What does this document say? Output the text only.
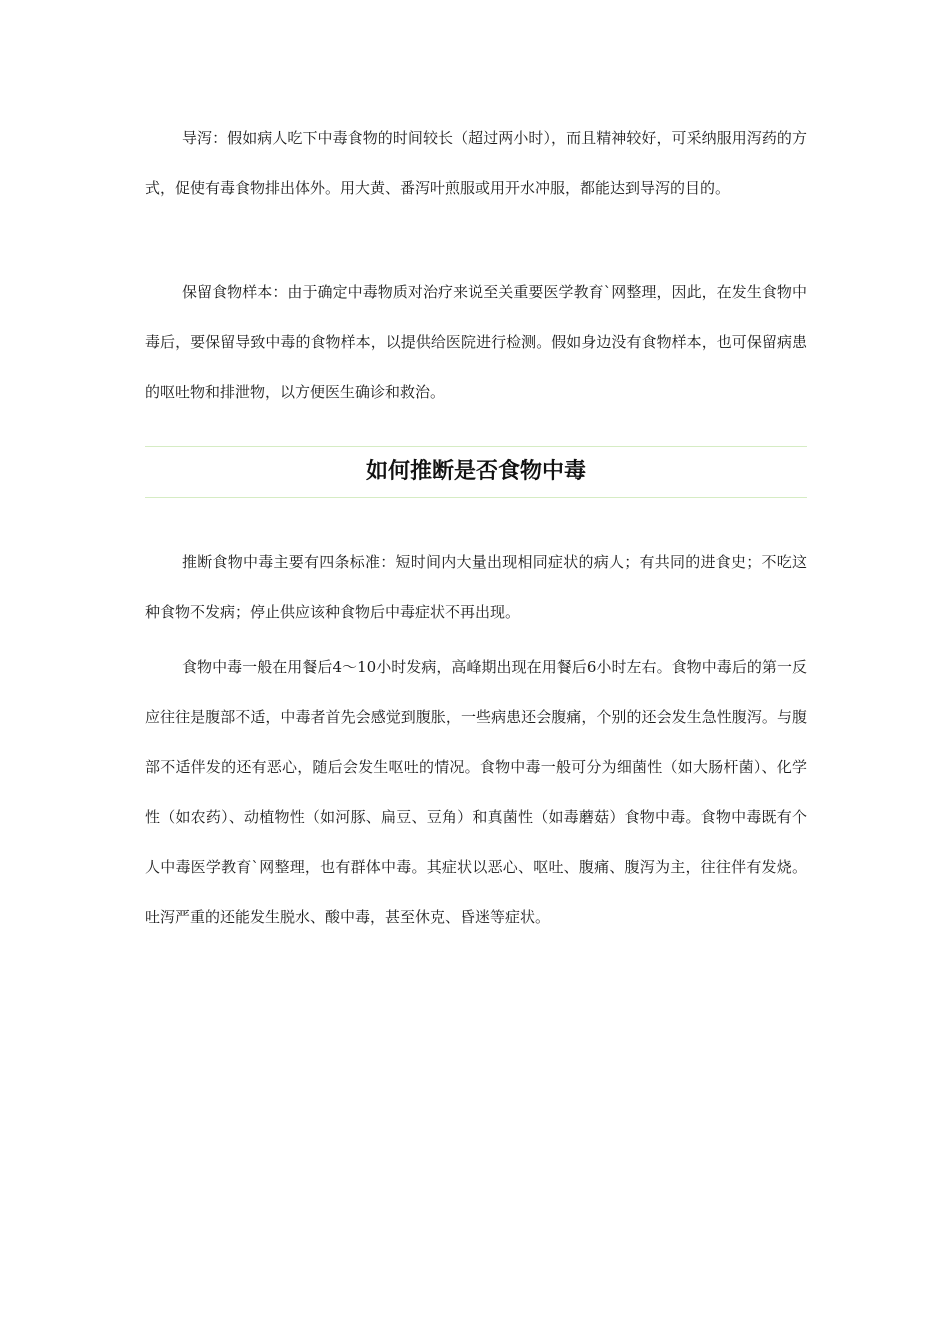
导泻：假如病人吃下中毒食物的时间较长（超过两小时），而且精神较好，可采纳服用泻药的方式，促使有毒食物排出体外。用大黄、番泻叶煎服或用开水冲服，都能达到导泻的目的。

保留食物样本：由于确定中毒物质对治疗来说至关重要医学教育`网整理，因此，在发生食物中毒后，要保留导致中毒的食物样本，以提供给医院进行检测。假如身边没有食物样本，也可保留病患的呕吐物和排泄物，以方便医生确诊和救治。

如何推断是否食物中毒

推断食物中毒主要有四条标准：短时间内大量出现相同症状的病人；有共同的进食史；不吃这种食物不发病；停止供应该种食物后中毒症状不再出现。

食物中毒一般在用餐后4～10小时发病，高峰期出现在用餐后6小时左右。食物中毒后的第一反应往往是腹部不适，中毒者首先会感觉到腹胀，一些病患还会腹痛，个别的还会发生急性腹泻。与腹部不适伴发的还有恶心，随后会发生呕吐的情况。食物中毒一般可分为细菌性（如大肠杆菌）、化学性（如农药）、动植物性（如河豚、扁豆、豆角）和真菌性（如毒蘑菇）食物中毒。食物中毒既有个人中毒医学教育`网整理，也有群体中毒。其症状以恶心、呕吐、腹痛、腹泻为主，往往伴有发烧。吐泻严重的还能发生脱水、酸中毒，甚至休克、昏迷等症状。
